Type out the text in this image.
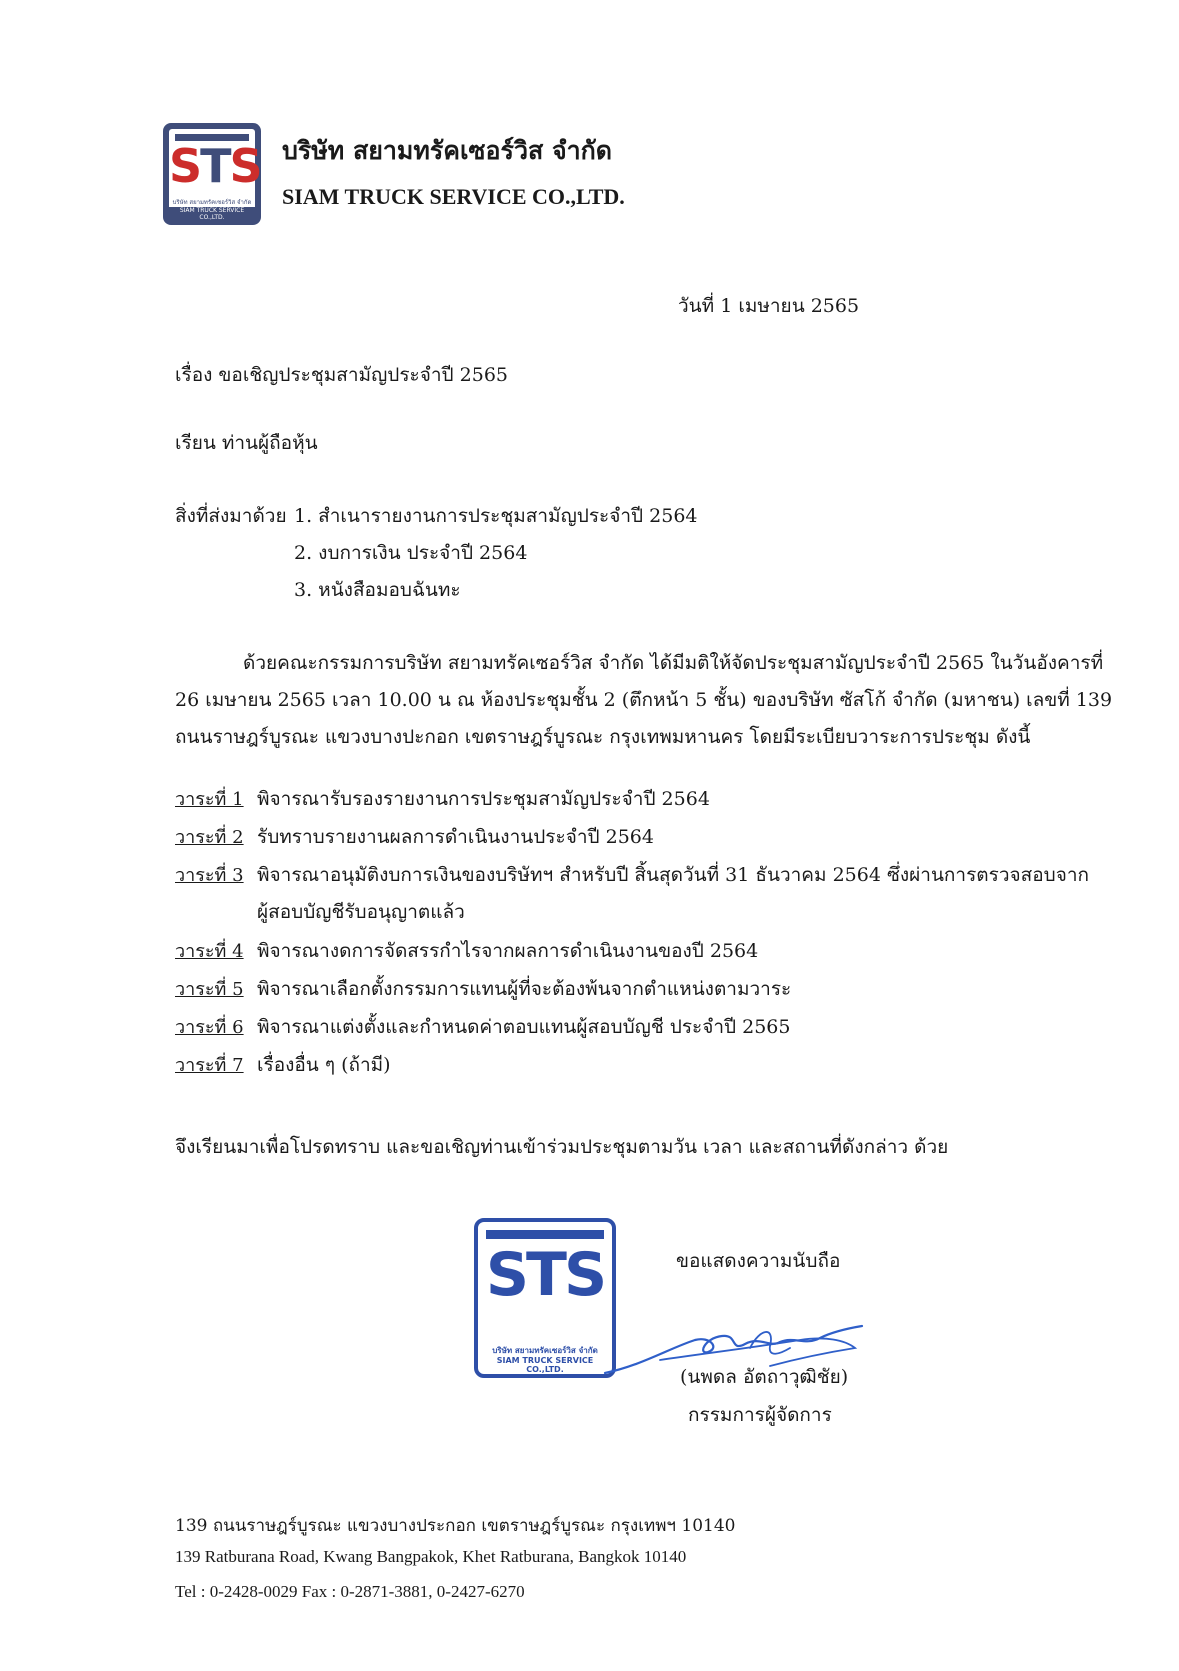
STS
บริษัท สยามทรัคเซอร์วิส จำกัด
SIAM TRUCK SERVICE CO.,LTD.
บริษัท สยามทรัคเซอร์วิส จำกัด
SIAM TRUCK SERVICE CO.,LTD.
วันที่ 1 เมษายน 2565
เรื่อง ขอเชิญประชุมสามัญประจำปี 2565
เรียน ท่านผู้ถือหุ้น
สิ่งที่ส่งมาด้วย 1. สำเนารายงานการประชุมสามัญประจำปี 2564
2. งบการเงิน ประจำปี 2564
3. หนังสือมอบฉันทะ
ด้วยคณะกรรมการบริษัท สยามทรัคเซอร์วิส จำกัด ได้มีมติให้จัดประชุมสามัญประจำปี 2565 ในวันอังคารที่
26 เมษายน 2565 เวลา 10.00 น ณ ห้องประชุมชั้น 2 (ตึกหน้า 5 ชั้น) ของบริษัท ซัสโก้ จำกัด (มหาชน) เลขที่ 139
ถนนราษฎร์บูรณะ แขวงบางปะกอก เขตราษฎร์บูรณะ กรุงเทพมหานคร โดยมีระเบียบวาระการประชุม ดังนี้
วาระที่ 1 พิจารณารับรองรายงานการประชุมสามัญประจำปี 2564
วาระที่ 2 รับทราบรายงานผลการดำเนินงานประจำปี 2564
วาระที่ 3 พิจารณาอนุมัติงบการเงินของบริษัทฯ สำหรับปี สิ้นสุดวันที่ 31 ธันวาคม 2564 ซึ่งผ่านการตรวจสอบจาก
ผู้สอบบัญชีรับอนุญาตแล้ว
วาระที่ 4 พิจารณางดการจัดสรรกำไรจากผลการดำเนินงานของปี 2564
วาระที่ 5 พิจารณาเลือกตั้งกรรมการแทนผู้ที่จะต้องพ้นจากตำแหน่งตามวาระ
วาระที่ 6 พิจารณาแต่งตั้งและกำหนดค่าตอบแทนผู้สอบบัญชี ประจำปี 2565
วาระที่ 7 เรื่องอื่น ๆ (ถ้ามี)
จึงเรียนมาเพื่อโปรดทราบ และขอเชิญท่านเข้าร่วมประชุมตามวัน เวลา และสถานที่ดังกล่าว ด้วย
STS
บริษัท สยามทรัคเซอร์วิส จำกัด
SIAM TRUCK SERVICE CO.,LTD.
ขอแสดงความนับถือ
(นพดล อัตถาวุฒิชัย)
กรรมการผู้จัดการ
139 ถนนราษฎร์บูรณะ แขวงบางประกอก เขตราษฎร์บูรณะ กรุงเทพฯ 10140
139 Ratburana Road, Kwang Bangpakok, Khet Ratburana, Bangkok 10140
Tel : 0-2428-0029 Fax : 0-2871-3881, 0-2427-6270
